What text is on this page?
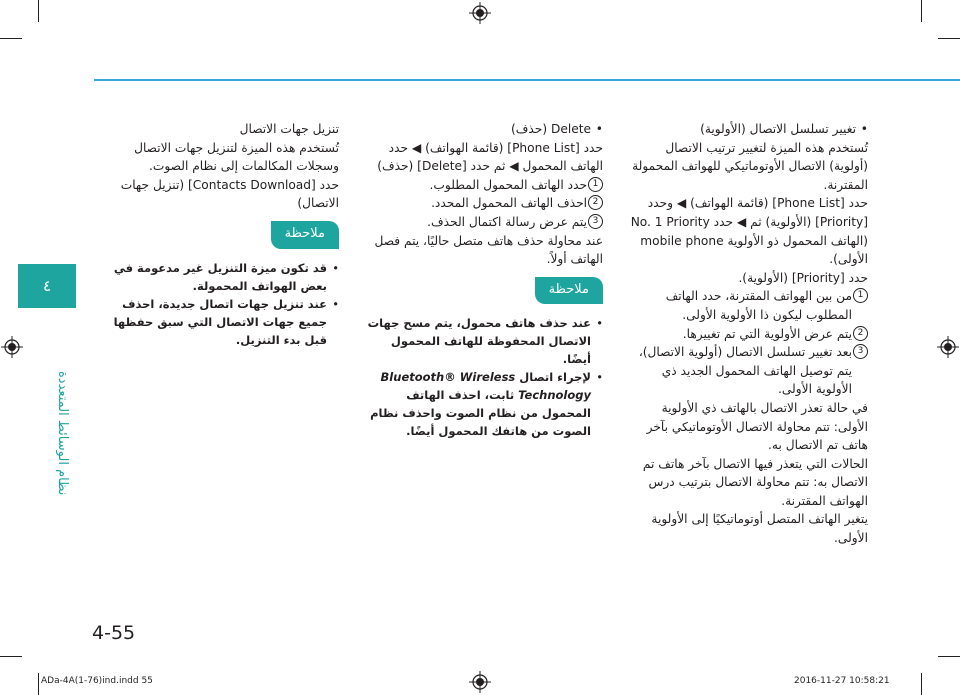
٤
نظام الوسائط المتعددة

• تغيير تسلسل الاتصال (الأولوية)

تُستخدم هذه الميزة لتغيير ترتيب الاتصال (أولوية) الاتصال الأوتوماتيكي للهواتف المحمولة المقترنة.

حدد [Phone List] (قائمة الهواتف) ◀ وحدد [Priority] (الأولوية) ثم ◀ حدد No. 1 Priority (الهاتف المحمول ذو الأولوية mobile phone الأولى).

حدد [Priority] (الأولوية).

1
من بين الهواتف المقترنة، حدد الهاتف المطلوب ليكون ذا الأولوية الأولى.

2
يتم عرض الأولوية التي تم تغييرها.

3
بعد تغيير تسلسل الاتصال (أولوية الاتصال)، يتم توصيل الهاتف المحمول الجديد ذي الأولوية الأولى.

في حالة تعذر الاتصال بالهاتف ذي الأولوية الأولى: تتم محاولة الاتصال الأوتوماتيكي بآخر هاتف تم الاتصال به.

الحالات التي يتعذر فيها الاتصال بآخر هاتف تم الاتصال به: تتم محاولة الاتصال بترتيب درس الهواتف المقترنة.

يتغير الهاتف المتصل أوتوماتيكيًا إلى الأولوية الأولى.

• Delete (حذف)

حدد [Phone List] (قائمة الهواتف) ◀ حدد الهاتف المحمول ◀ ثم حدد [Delete] (حذف)

1
حدد الهاتف المحمول المطلوب.

2
احذف الهاتف المحمول المحدد.

3
يتم عرض رسالة اكتمال الحذف.

عند محاولة حذف هاتف متصل حاليًا، يتم فصل الهاتف أولاً.

ملاحظة

• عند حذف هاتف محمول، يتم مسح جهات الاتصال المحفوظة للهاتف المحمول أيضًا.

• لإجراء اتصال Bluetooth® Wireless Technology ثابت، احذف الهاتف المحمول من نظام الصوت واحذف نظام الصوت من هاتفك المحمول أيضًا.

تنزيل جهات الاتصال

تُستخدم هذه الميزة لتنزيل جهات الاتصال وسجلات المكالمات إلى نظام الصوت.

حدد [Contacts Download] (تنزيل جهات الاتصال)

ملاحظة

• قد تكون ميزة التنزيل غير مدعومة في بعض الهواتف المحمولة.

• عند تنزيل جهات اتصال جديدة، احذف جميع جهات الاتصال التي سبق حفظها قبل بدء التنزيل.

4-55
ADa-4A(1-76)ind.indd 55	2016-11-27 10:58:21
